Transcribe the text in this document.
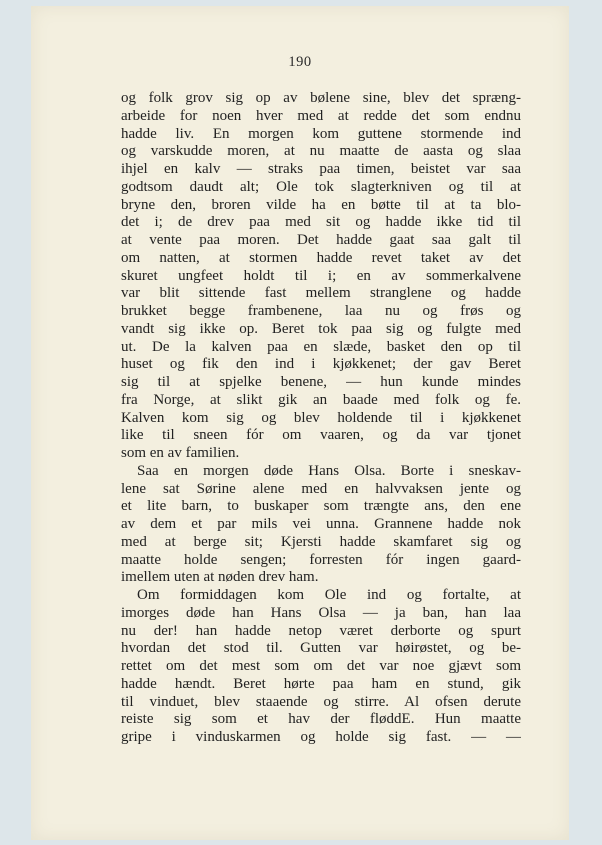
190
og folk grov sig op av bølene sine, blev det spræng-
arbeide for noen hver med at redde det som endnu
hadde liv. En morgen kom guttene stormende ind
og varskudde moren, at nu maatte de aasta og slaa
ihjel en kalv — straks paa timen, beistet var saa
godtsom daudt alt; Ole tok slagterkniven og til at
bryne den, broren vilde ha en bøtte til at ta blo-
det i; de drev paa med sit og hadde ikke tid til
at vente paa moren. Det hadde gaat saa galt til
om natten, at stormen hadde revet taket av det
skuret ungfeet holdt til i; en av sommerkalvene
var blit sittende fast mellem stranglene og hadde
brukket begge frambenene, laa nu og frøs og
vandt sig ikke op. Beret tok paa sig og fulgte med
ut. De la kalven paa en slæde, basket den op til
huset og fik den ind i kjøkkenet; der gav Beret
sig til at spjelke benene, — hun kunde mindes
fra Norge, at slikt gik an baade med folk og fe.
Kalven kom sig og blev holdende til i kjøkkenet
like til sneen fór om vaaren, og da var tjonet
som en av familien.
Saa en morgen døde Hans Olsa. Borte i sneskav-
lene sat Sørine alene med en halvvaksen jente og
et lite barn, to buskaper som trængte ans, den ene
av dem et par mils vei unna. Grannene hadde nok
med at berge sit; Kjersti hadde skamfaret sig og
maatte holde sengen; forresten fór ingen gaard-
imellem uten at nøden drev ham.
Om formiddagen kom Ole ind og fortalte, at
imorges døde han Hans Olsa — ja ban, han laa
nu der! han hadde netop været derborte og spurt
hvordan det stod til. Gutten var høirøstet, og be-
rettet om det mest som om det var noe gjævt som
hadde hændt. Beret hørte paa ham en stund, gik
til vinduet, blev staaende og stirre. Al ofsen derute
reiste sig som et hav der fløddE. Hun maatte
gripe i vinduskarmen og holde sig fast. — —
